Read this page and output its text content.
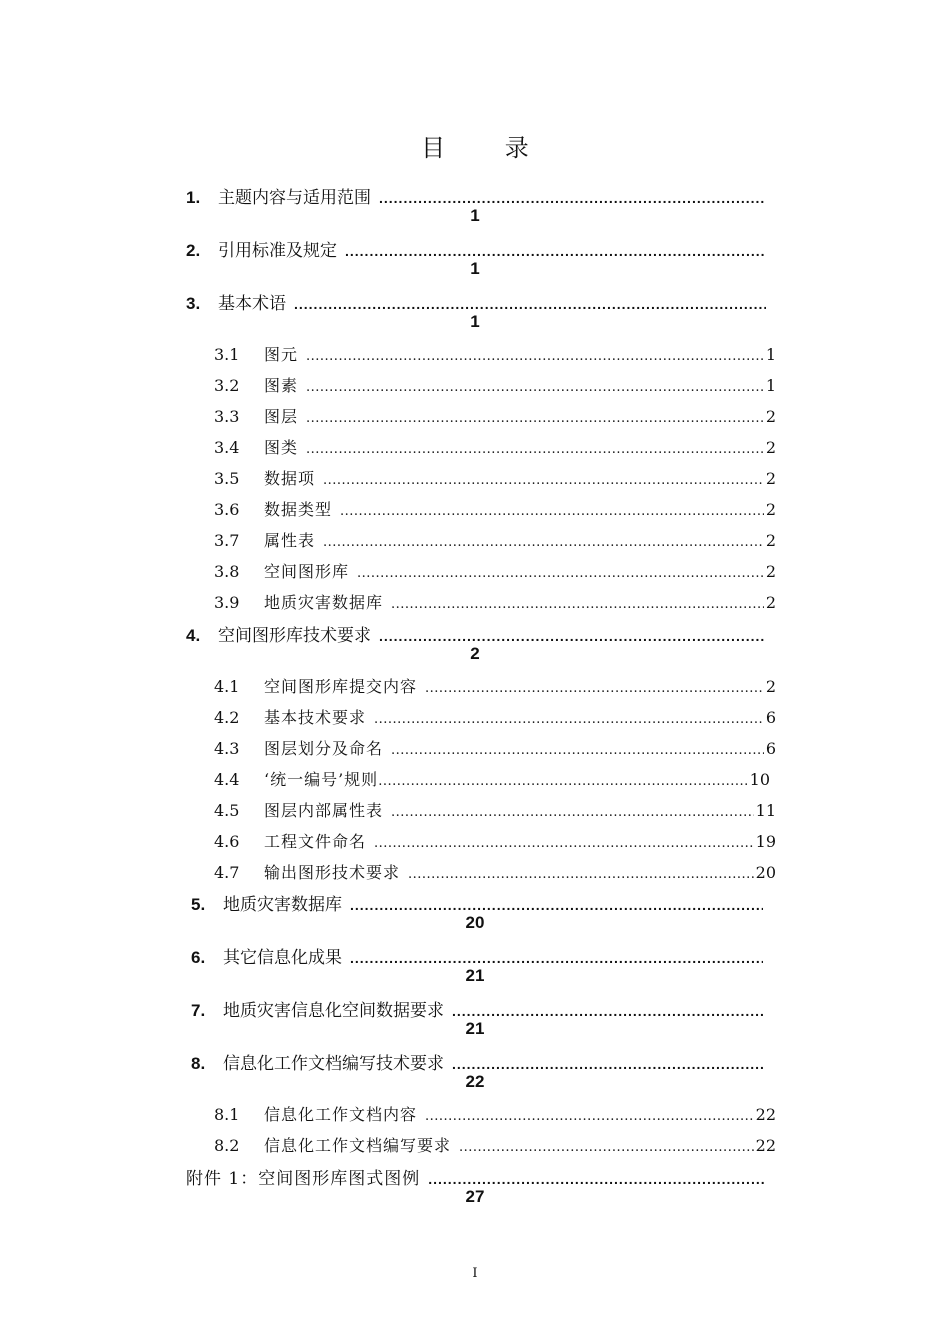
目 录
1.	主题内容与适用范围
.....
1
2.	引用标准及规定
.....
1
3.	基本术语
.....
1
3.1	图元 .....	1
3.2	图素 .....	1
3.3	图层 .....	2
3.4	图类 .....	2
3.5	数据项 .....	2
3.6	数据类型 .....	2
3.7	属性表 .....	2
3.8	空间图形库 .....	2
3.9	地质灾害数据库 .....	2
4.	空间图形库技术要求
.....
2
4.1	空间图形库提交内容 .....	2
4.2	基本技术要求 .....	6
4.3	图层划分及命名 .....	6
4.4	‘统一编号’规则 .....	10
4.5	图层内部属性表 .....	11
4.6	工程文件命名 .....	19
4.7	输出图形技术要求 .....	20
5.	地质灾害数据库
.....
20
6.	其它信息化成果
.....
21
7.	地质灾害信息化空间数据要求
.....
21
8.	信息化工作文档编写技术要求
.....
22
8.1	信息化工作文档内容 .....	22
8.2	信息化工作文档编写要求 .....	22
附件 1：空间图形库图式图例
.....
27
I
